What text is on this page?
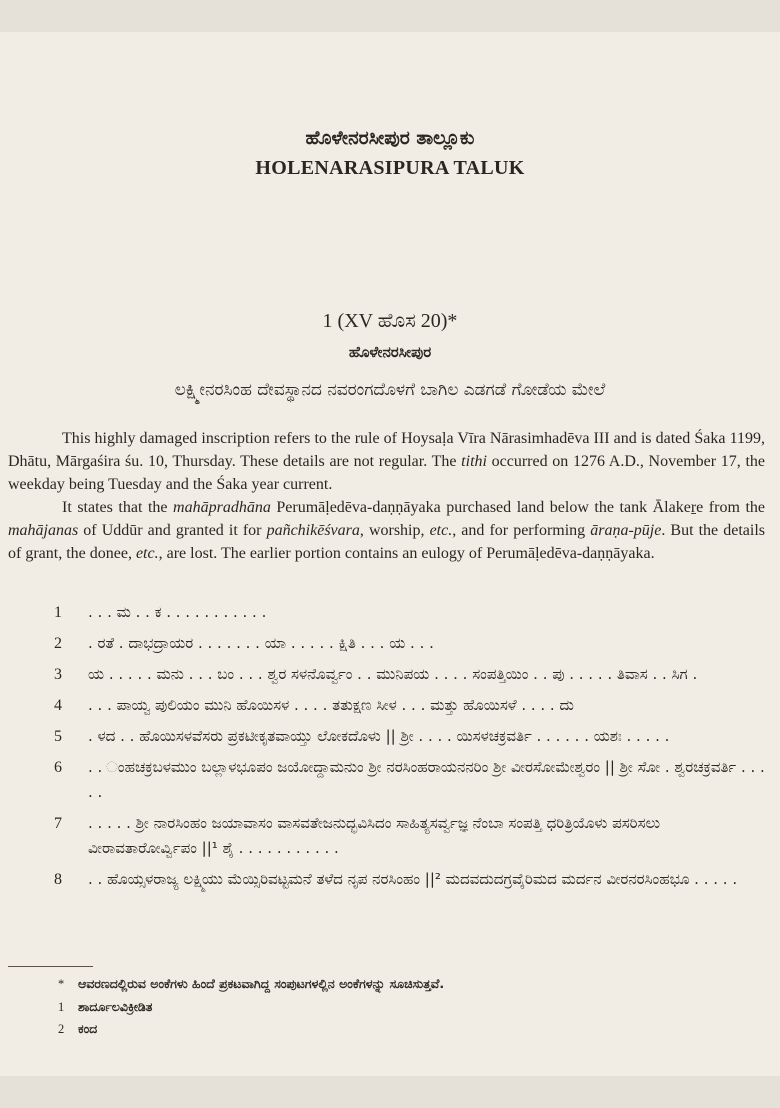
ಹೊಳೇನರಸೀಪುರ ತಾಲ್ಲೂಕು
HOLENARASIPURA TALUK
1 (XV ಹೊಸ 20)*
ಹೊಳೇನರಸೀಪುರ
ಲಕ್ಷ್ಮೀನರಸಿಂಹ ದೇವಸ್ಥಾನದ ನವರಂಗದೊಳಗೆ ಬಾಗಿಲ ಎಡಗಡೆ ಗೋಡೆಯ ಮೇಲೆ
This highly damaged inscription refers to the rule of Hoysaḷa Vīra Nārasimhadēva III and is dated Śaka 1199, Dhātu, Mārgaśira śu. 10, Thursday. These details are not regular. The tithi occurred on 1276 A.D., November 17, the weekday being Tuesday and the Śaka year current.
It states that the mahāpradhāna Perumāḷedēva-daṇṇāyaka purchased land below the tank Ālakeṟe from the mahājanas of Uddūr and granted it for pañchikēśvara, worship, etc., and for performing āraṇa-pūje. But the details of grant, the donee, etc., are lost. The earlier portion contains an eulogy of Perumāḷedēva-daṇṇāyaka.
1 . . . ಮ . . ಕ . . . . . . . . . . .
2 . ರತೆ . ದಾಭದ್ರಾಯರ . . . . . . . ಯಾ . . . . . ಕ್ಷಿತಿ . . . ಯ . . .
3 ಯ . . . . . ಮನು . . . ಬಂ . . . ಶ್ವರ ಸಳನೊರ್ವ್ವಂ . . ಮುನಿಪಯ . . . . ಸಂಪತ್ತಿಯಿಂ . . ಪು . . . . . ತಿವಾಸ . . ಸಿಗ .
4 . . . ಪಾಯ್ವ ಪುಲಿಯಂ ಮುನಿ ಹೊಯಿಸಳ . . . . ತತುಕ್ಷಣ ಸೀಳ . . . ಮತ್ತು ಹೊಯಿಸಳೆ . . . . ದು
5 . ಳದ . . ಹೊಯಿಸಳವೆಸರು ಪ್ರಕಟೀಕೃತವಾಯ್ತು ಲೋಕದೊಳು || ಶ್ರೀ . . . . ಯಿಸಳಚಕ್ರವರ್ತಿ . . . . . . ಯಶಃ . . . . .
6 . . ಂಹಚಕ್ರಬಳಮುಂ ಬಲ್ಲಾಳಭೂಪಂ ಜಯೋದ್ದಾಮನುಂ ಶ್ರೀ ನರಸಿಂಹರಾಯನನರಿಂ ಶ್ರೀ ವೀರಸೋಮೇಶ್ವರಂ || ಶ್ರೀ ಸೋ . ಶ್ವರಚಕ್ರವರ್ತಿ . . . . .
7 . . . . . ಶ್ರೀ ನಾರಸಿಂಹಂ ಜಯಾವಾಸಂ ವಾಸವತೇಜನುದ್ಭವಿಸಿದಂ ಸಾಹಿತ್ಯಸರ್ವ್ವಜ್ಞ ನೆಂಬಾ ಸಂಪತ್ತಿ ಧರಿತ್ರಿಯೊಳು ಪಸರಿಸಲು ವೀರಾವತಾರೋರ್ವ್ವಿಪಂ ||¹ ಶೈ . . . . . . . . . . .
8 . . ಹೊಯ್ಸಳರಾಜ್ಯ ಲಕ್ಷ್ಮಿಯು ಮೆಯ್ಸಿರಿವಟ್ಟಮನೆ ತಳೆದ ನೃಪ ನರಸಿಂಹಂ ||² ಮದವದುದಗ್ರವೈರಿಮದ ಮರ್ದನ ವೀರನರಸಿಂಹಭೂ . . . . .
* ಆವರಣದಲ್ಲಿರುವ ಅಂಕೆಗಳು ಹಿಂದೆ ಪ್ರಕಟವಾಗಿದ್ದ ಸಂಪುಟಗಳಲ್ಲಿನ ಅಂಕೆಗಳನ್ನು ಸೂಚಿಸುತ್ತವೆ.
1 ಶಾರ್ದೂಲವಿಕ್ರೀಡಿತ
2 ಕಂದ
